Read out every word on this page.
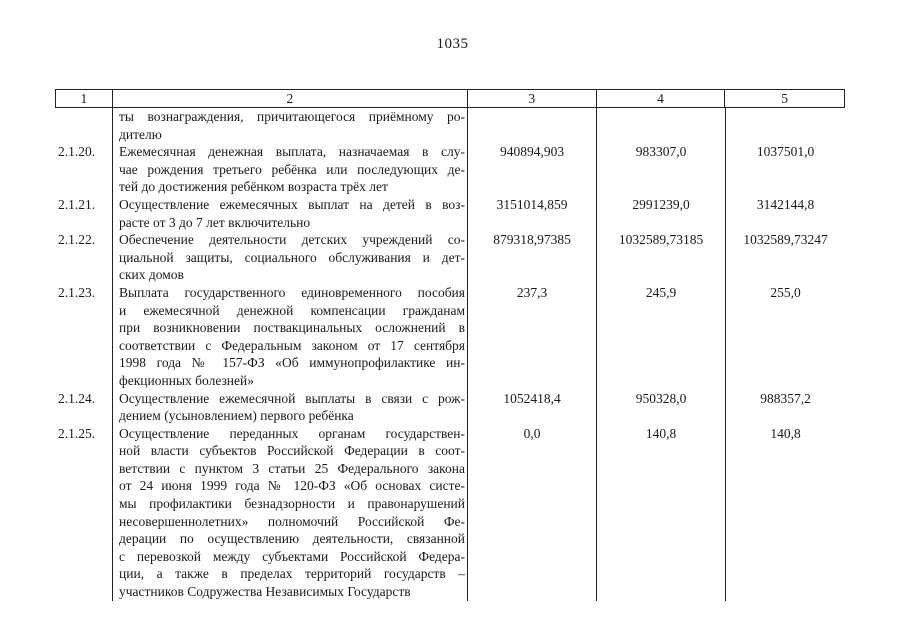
1035
1	2	3	4	5
ты вознаграждения, причитающегося приёмному ро-
дителю
2.1.20.	Ежемесячная денежная выплата, назначаемая в слу-
чае рождения третьего ребёнка или последующих де-
тей до достижения ребёнком возраста трёх лет
940894,903	983307,0	1037501,0
2.1.21.	Осуществление ежемесячных выплат на детей в воз-
расте от 3 до 7 лет включительно
3151014,859	2991239,0	3142144,8
2.1.22.	Обеспечение деятельности детских учреждений со-
циальной защиты, социального обслуживания и дет-
ских домов
879318,97385	1032589,73185	1032589,73247
2.1.23.	Выплата государственного единовременного пособия
и ежемесячной денежной компенсации гражданам
при возникновении поствакцинальных осложнений в
соответствии с Федеральным законом от 17 сентября
1998 года № 157-ФЗ «Об иммунопрофилактике ин-
фекционных болезней»
237,3	245,9	255,0
2.1.24.	Осуществление ежемесячной выплаты в связи с рож-
дением (усыновлением) первого ребёнка
1052418,4	950328,0	988357,2
2.1.25.	Осуществление переданных органам государствен-
ной власти субъектов Российской Федерации в соот-
ветствии с пунктом 3 статьи 25 Федерального закона
от 24 июня 1999 года № 120-ФЗ «Об основах систе-
мы профилактики безнадзорности и правонарушений
несовершеннолетних» полномочий Российской Фе-
дерации по осуществлению деятельности, связанной
с перевозкой между субъектами Российской Федера-
ции, а также в пределах территорий государств –
участников Содружества Независимых Государств
0,0	140,8	140,8
